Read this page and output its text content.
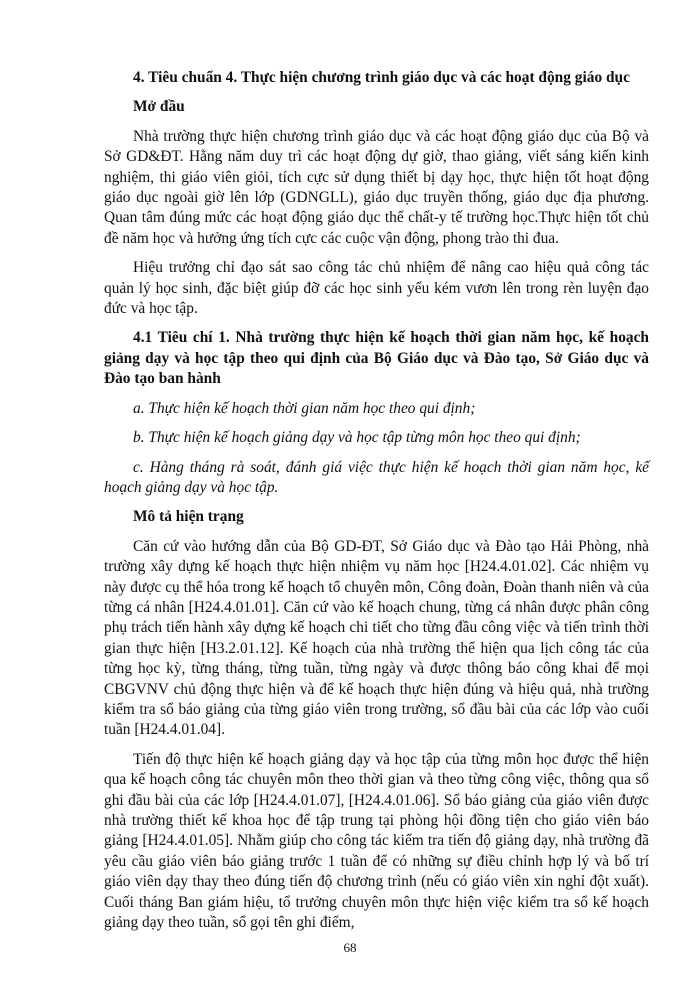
4. Tiêu chuẩn 4. Thực hiện chương trình giáo dục và các hoạt động giáo dục

Mở đầu

Nhà trường thực hiện chương trình giáo dục và các hoạt động giáo dục của Bộ và Sở GD&ĐT. Hằng năm duy trì các hoạt động dự giờ, thao giảng, viết sáng kiến kinh nghiệm, thi giáo viên giỏi, tích cực sử dụng thiết bị dạy học, thực hiện tốt hoạt động giáo dục ngoài giờ lên lớp (GDNGLL), giáo dục truyền thống, giáo dục địa phương. Quan tâm đúng mức các hoạt động giáo dục thể chất-y tế trường học.Thực hiện tốt chủ đề năm học và hưởng ứng tích cực các cuộc vận động, phong trào thi đua.

Hiệu trưởng chỉ đạo sát sao công tác chủ nhiệm để nâng cao hiệu quả công tác quản lý học sinh, đặc biệt giúp đỡ các học sinh yếu kém vươn lên trong rèn luyện đạo đức và học tập.

4.1 Tiêu chí 1. Nhà trường thực hiện kế hoạch thời gian năm học, kế hoạch giảng dạy và học tập theo qui định của Bộ Giáo dục và Đào tạo, Sở Giáo dục và Đào tạo ban hành

a. Thực hiện kế hoạch thời gian năm học theo qui định;

b. Thực hiện kế hoạch giảng dạy và học tập từng môn học theo qui định;

c. Hàng tháng rà soát, đánh giá việc thực hiện kế hoạch thời gian năm học, kế hoạch giảng dạy và học tập.

Mô tả hiện trạng

Căn cứ vào hướng dẫn của Bộ GD-ĐT, Sở Giáo dục và Đào tạo Hải Phòng, nhà trường xây dựng kế hoạch thực hiện nhiệm vụ năm học [H24.4.01.02]. Các nhiệm vụ này được cụ thể hóa trong kế hoạch tổ chuyên môn, Công đoàn, Đoàn thanh niên và của từng cá nhân [H24.4.01.01]. Căn cứ vào kế hoạch chung, từng cá nhân được phân công phụ trách tiến hành xây dựng kế hoạch chi tiết cho từng đầu công việc và tiến trình thời gian thực hiện [H3.2.01.12]. Kế hoạch của nhà trường thể hiện qua lịch công tác của từng học kỳ, từng tháng, từng tuần, từng ngày và được thông báo công khai để mọi CBGVNV chủ động thực hiện và để kế hoạch thực hiện đúng và hiệu quả, nhà trường kiểm tra sổ báo giảng của từng giáo viên trong trường, sổ đầu bài của các lớp vào cuối tuần [H24.4.01.04].

Tiến độ thực hiện kế hoạch giảng dạy và học tập của từng môn học được thể hiện qua kế hoạch công tác chuyên môn theo thời gian và theo từng công việc, thông qua sổ ghi đầu bài của các lớp [H24.4.01.07], [H24.4.01.06]. Sổ báo giảng của giáo viên được nhà trường thiết kế khoa học để tập trung tại phòng hội đồng tiện cho giáo viên báo giảng [H24.4.01.05]. Nhằm giúp cho công tác kiểm tra tiến độ giảng dạy, nhà trường đã yêu cầu giáo viên báo giảng trước 1 tuần để có những sự điều chỉnh hợp lý và bố trí giáo viên dạy thay theo đúng tiến độ chương trình (nếu có giáo viên xin nghỉ đột xuất). Cuối tháng Ban giám hiệu, tổ trưởng chuyên môn thực hiện việc kiểm tra sổ kế hoạch giảng dạy theo tuần, sổ gọi tên ghi điểm,

68
